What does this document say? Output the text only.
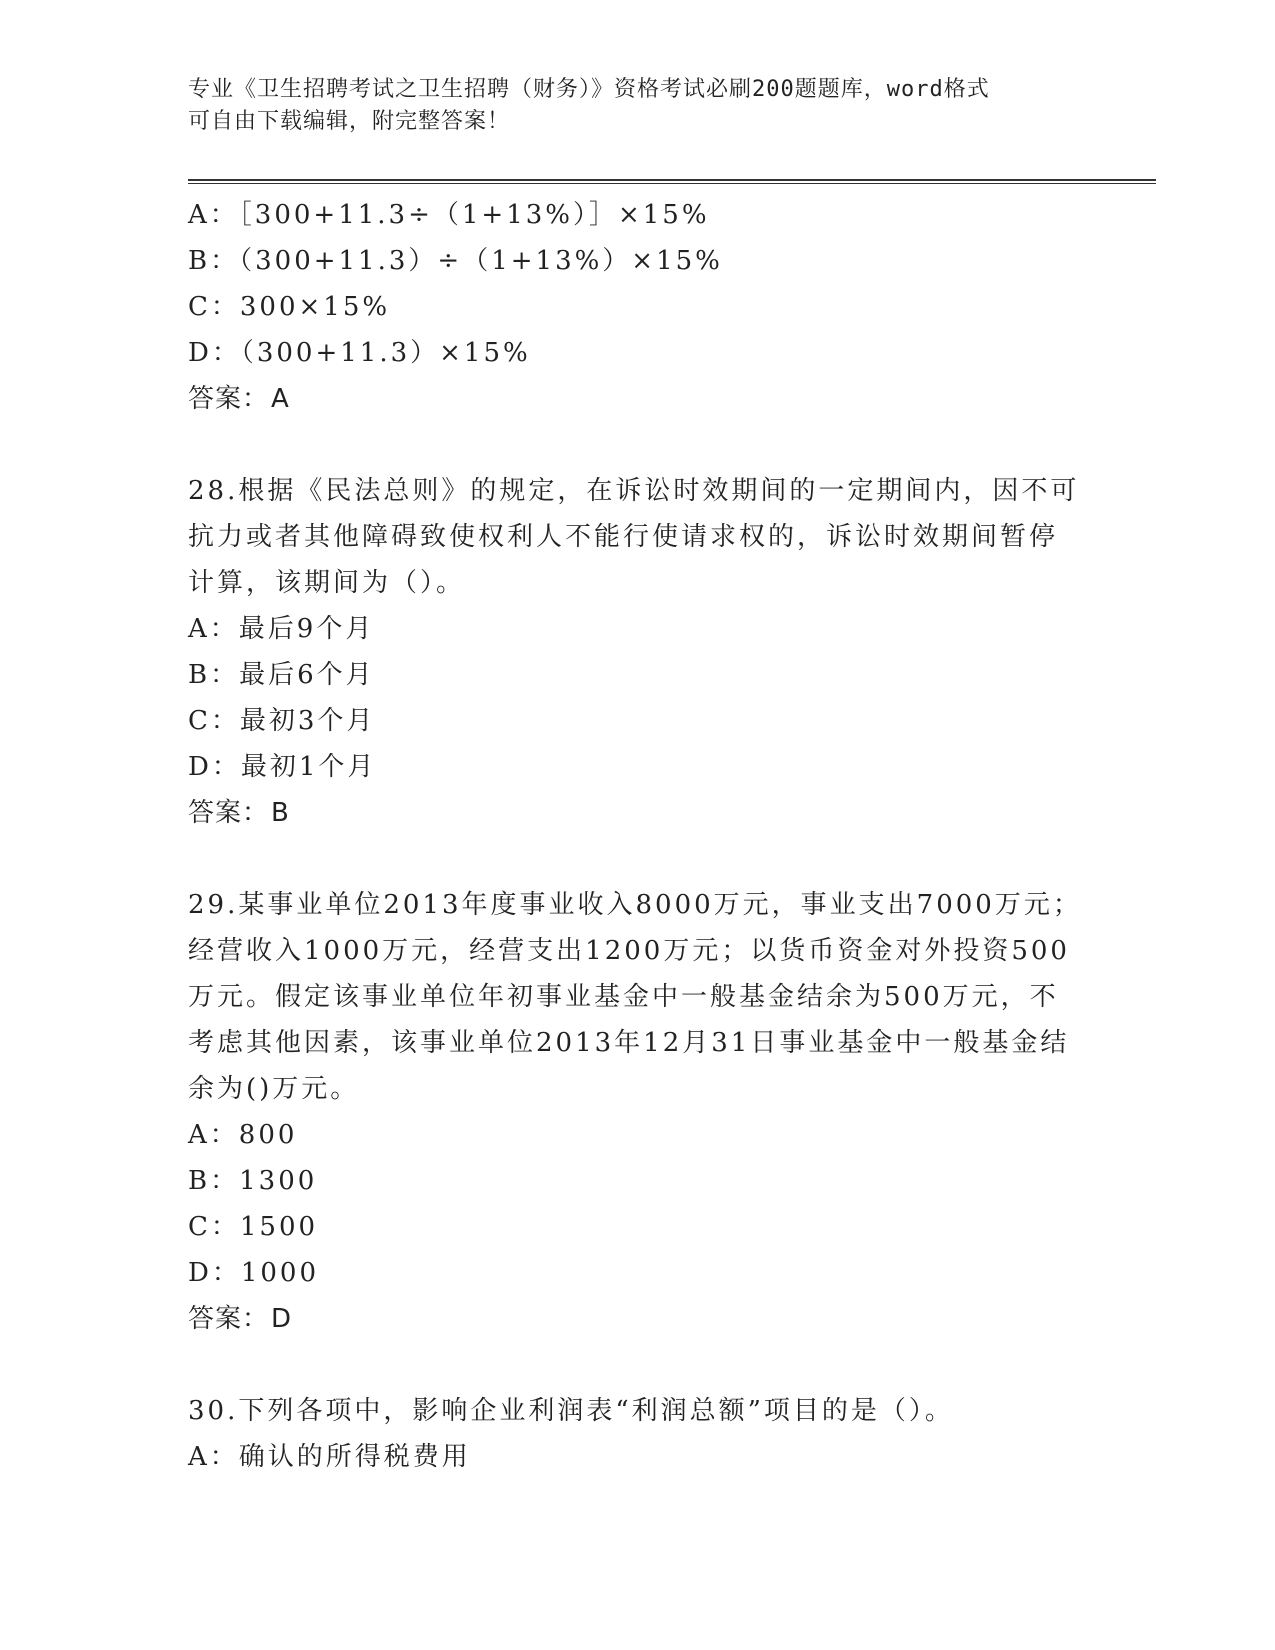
专业《卫生招聘考试之卫生招聘（财务）》资格考试必刷200题题库，word格式
可自由下载编辑，附完整答案！
A：［300+11.3÷（1+13%）］×15%
B：（300+11.3）÷（1+13%）×15%
C：300×15%
D：（300+11.3）×15%
答案：A
28.根据《民法总则》的规定，在诉讼时效期间的一定期间内，因不可
抗力或者其他障碍致使权利人不能行使请求权的，诉讼时效期间暂停
计算，该期间为（）。
A：最后9个月
B：最后6个月
C：最初3个月
D：最初1个月
答案：B
29.某事业单位2013年度事业收入8000万元，事业支出7000万元；
经营收入1000万元，经营支出1200万元；以货币资金对外投资500
万元。假定该事业单位年初事业基金中一般基金结余为500万元，不
考虑其他因素，该事业单位2013年12月31日事业基金中一般基金结
余为()万元。
A：800
B：1300
C：1500
D：1000
答案：D
30.下列各项中，影响企业利润表“利润总额”项目的是（）。
A：确认的所得税费用
